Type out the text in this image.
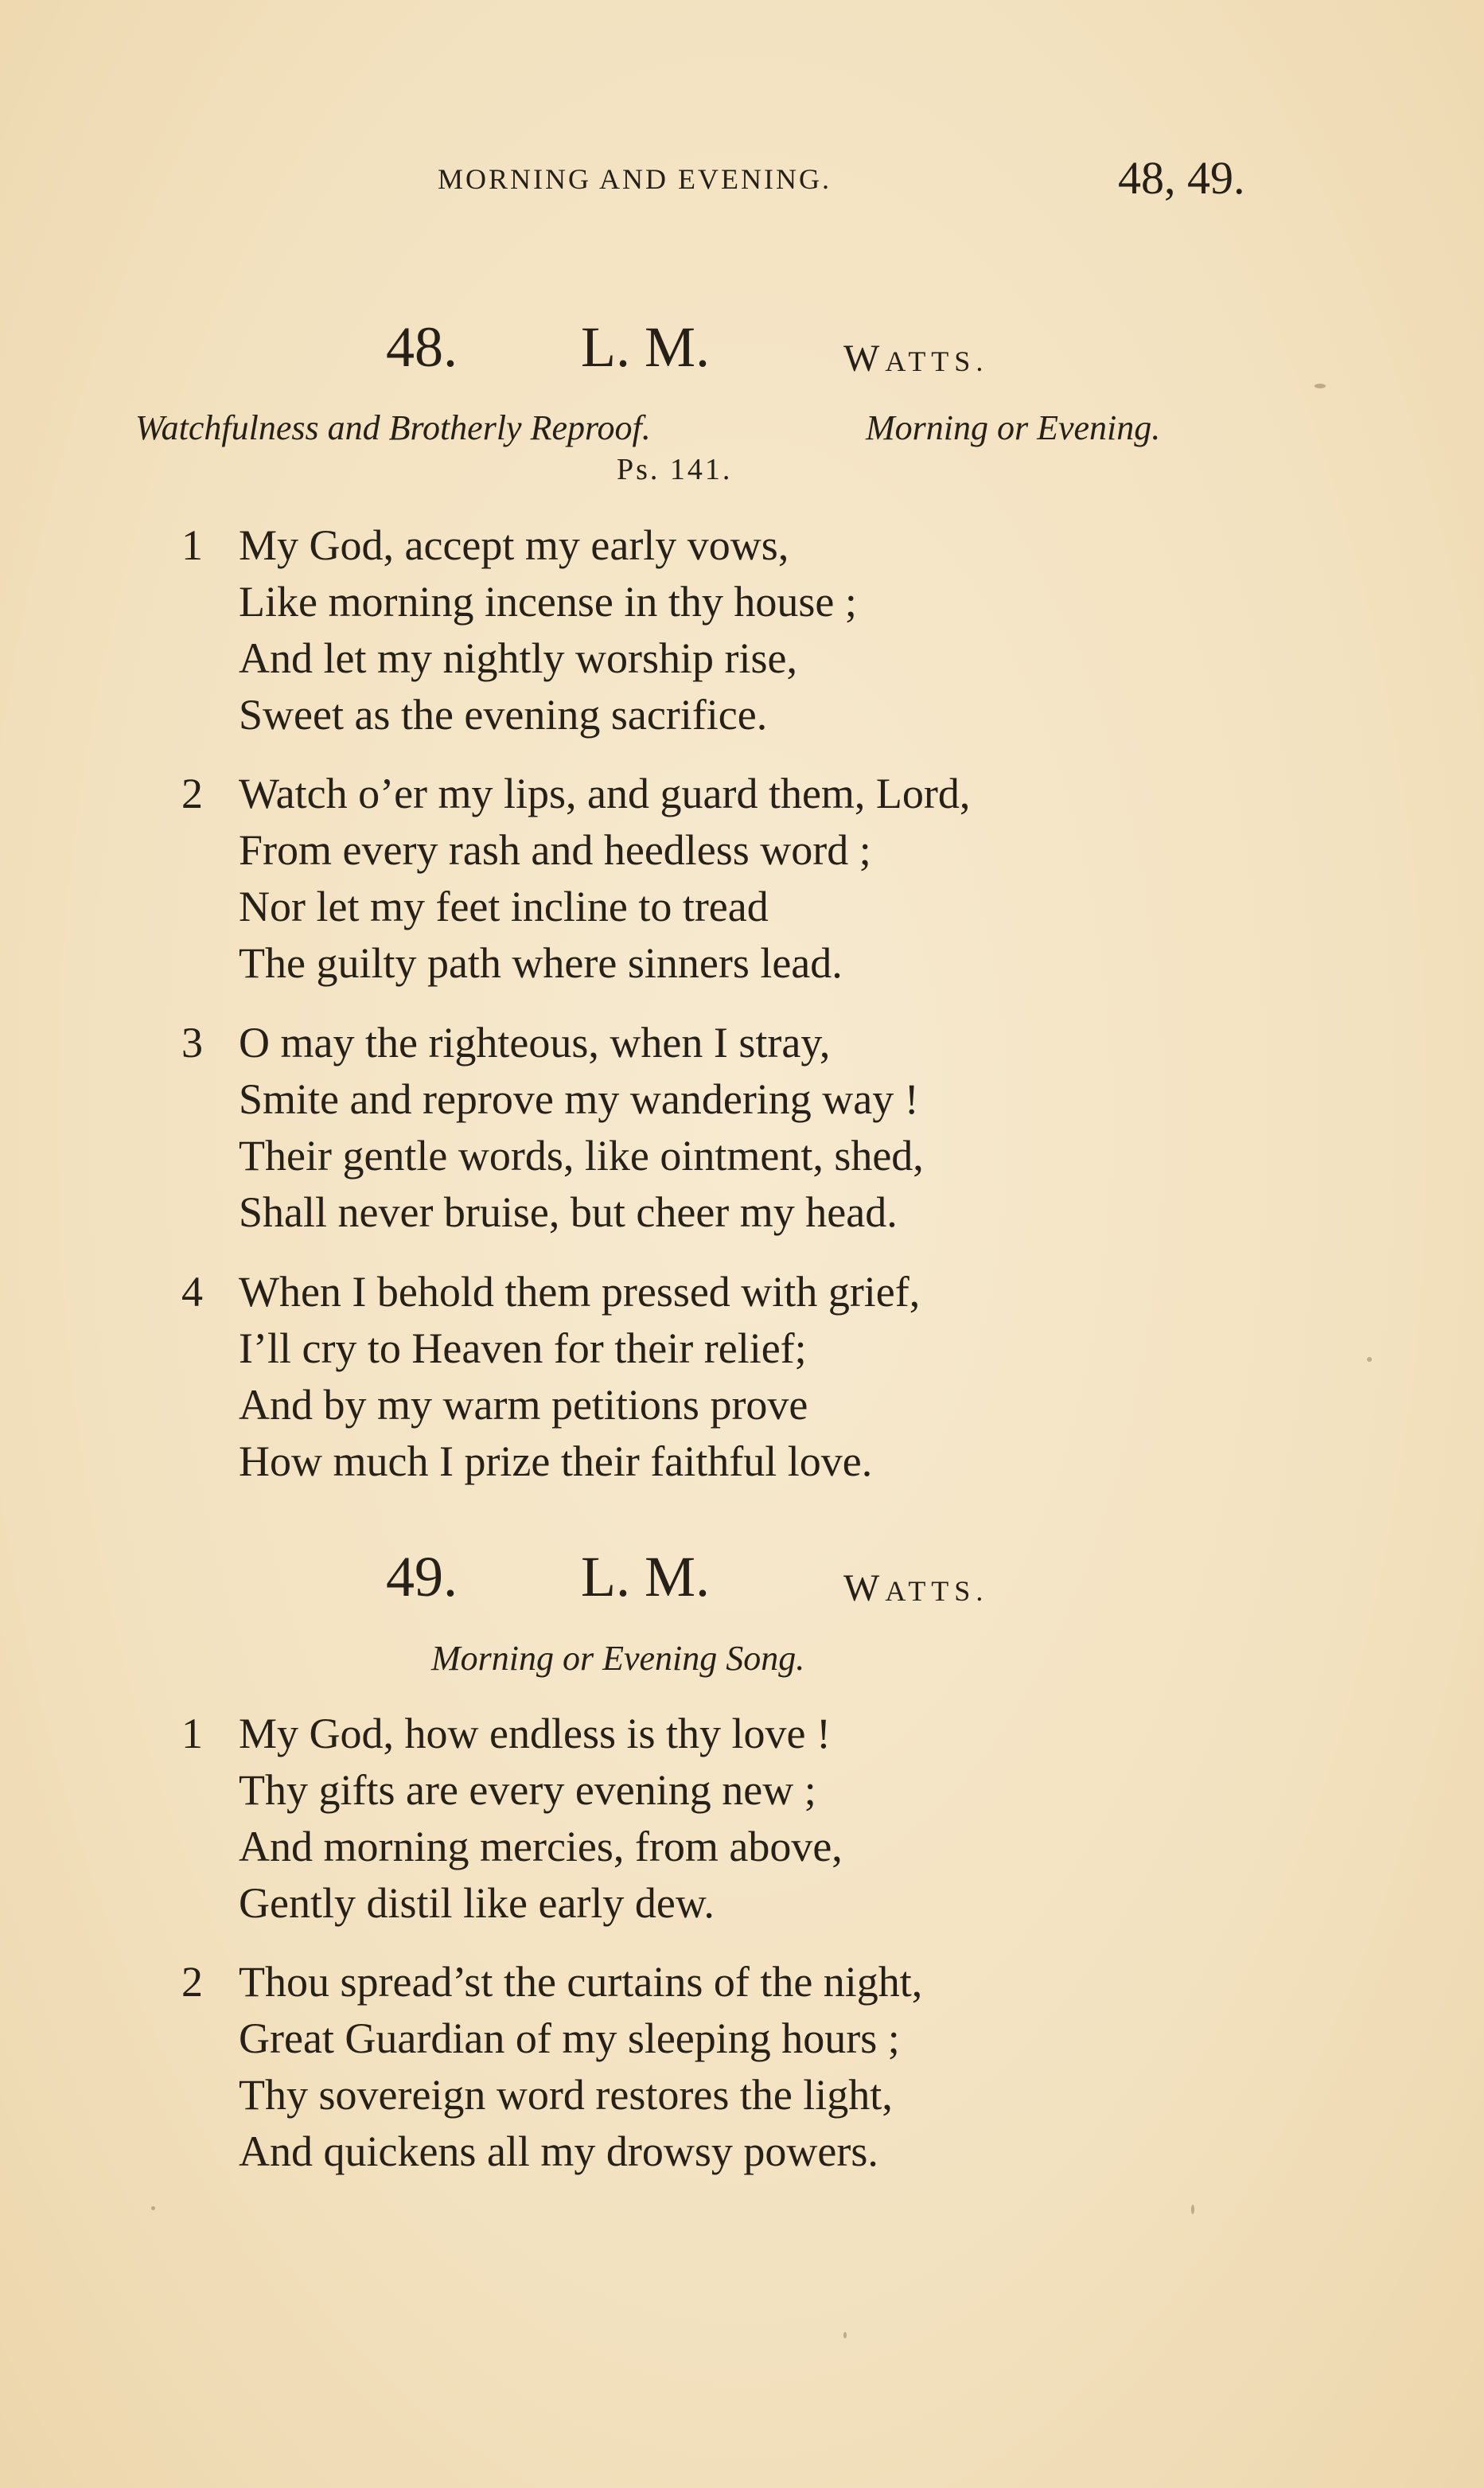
MORNING AND EVENING.	48, 49.
48. L. M.	WATTS.
Watchfulness and Brotherly Reproof.	Morning or Evening.
Ps. 141.
1 My God, accept my early vows,
Like morning incense in thy house ;
And let my nightly worship rise,
Sweet as the evening sacrifice.
2 Watch o’er my lips, and guard them, Lord,
From every rash and heedless word ;
Nor let my feet incline to tread
The guilty path where sinners lead.
3 O may the righteous, when I stray,
Smite and reprove my wandering way !
Their gentle words, like ointment, shed,
Shall never bruise, but cheer my head.
4 When I behold them pressed with grief,
I’ll cry to Heaven for their relief;
And by my warm petitions prove
How much I prize their faithful love.
49. L. M.	WATTS.
Morning or Evening Song.
1 My God, how endless is thy love !
Thy gifts are every evening new ;
And morning mercies, from above,
Gently distil like early dew.
2 Thou spread’st the curtains of the night,
Great Guardian of my sleeping hours ;
Thy sovereign word restores the light,
And quickens all my drowsy powers.
